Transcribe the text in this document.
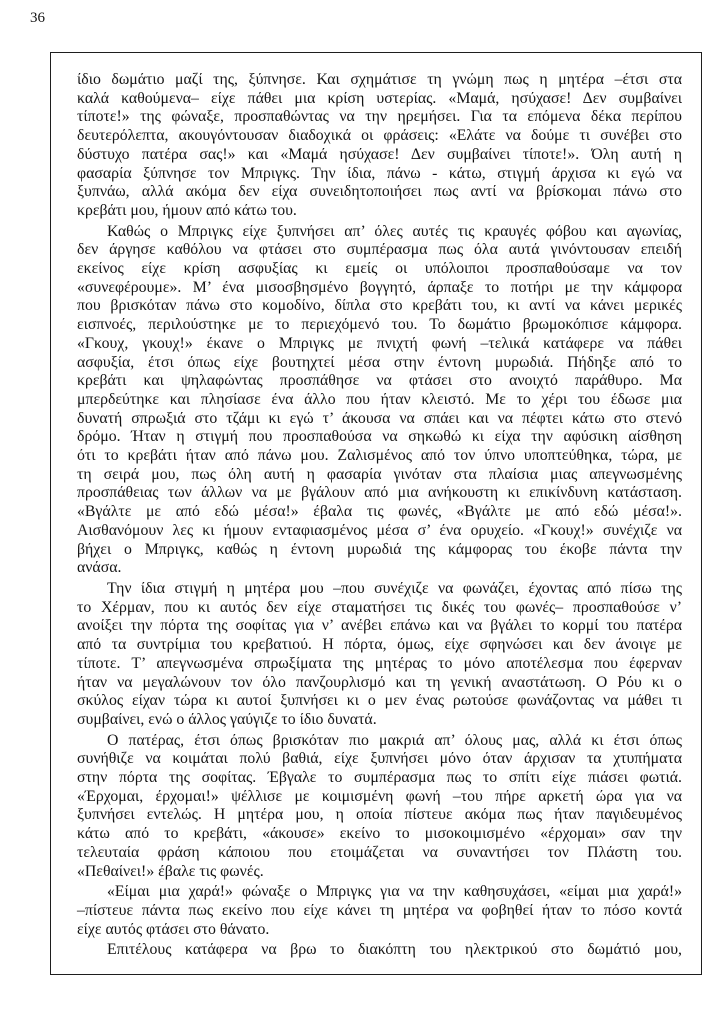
36
ίδιο δωμάτιο μαζί της, ξύπνησε. Και σχημάτισε τη γνώμη πως η μητέρα –έτσι στα
καλά καθούμενα– είχε πάθει μια κρίση υστερίας. «Μαμά, ησύχασε! Δεν συμβαίνει
τίποτε!» της φώναξε, προσπαθώντας να την ηρεμήσει. Για τα επόμενα δέκα περίπου
δευτερόλεπτα, ακουγόντουσαν διαδοχικά οι φράσεις: «Ελάτε να δούμε τι συνέβει στο
δύστυχο πατέρα σας!» και «Μαμά ησύχασε! Δεν συμβαίνει τίποτε!». Όλη αυτή η
φασαρία ξύπνησε τον Μπριγκς. Την ίδια, πάνω - κάτω, στιγμή άρχισα κι εγώ να
ξυπνάω, αλλά ακόμα δεν είχα συνειδητοποιήσει πως αντί να βρίσκομαι πάνω στο
κρεβάτι μου, ήμουν από κάτω του.
Καθώς ο Μπριγκς είχε ξυπνήσει απ’ όλες αυτές τις κραυγές φόβου και αγωνίας,
δεν άργησε καθόλου να φτάσει στο συμπέρασμα πως όλα αυτά γινόντουσαν επειδή
εκείνος είχε κρίση ασφυξίας κι εμείς οι υπόλοιποι προσπαθούσαμε να τον
«συνεφέρουμε». Μ’ ένα μισοσβησμένο βογγητό, άρπαξε το ποτήρι με την κάμφορα
που βρισκόταν πάνω στο κομοδίνο, δίπλα στο κρεβάτι του, κι αντί να κάνει μερικές
εισπνοές, περιλούστηκε με το περιεχόμενό του. Το δωμάτιο βρωμοκόπισε κάμφορα.
«Γκουχ, γκουχ!» έκανε ο Μπριγκς με πνιχτή φωνή –τελικά κατάφερε να πάθει
ασφυξία, έτσι όπως είχε βουτηχτεί μέσα στην έντονη μυρωδιά. Πήδηξε από το
κρεβάτι και ψηλαφώντας προσπάθησε να φτάσει στο ανοιχτό παράθυρο. Μα
μπερδεύτηκε και πλησίασε ένα άλλο που ήταν κλειστό. Με το χέρι του έδωσε μια
δυνατή σπρωξιά στο τζάμι κι εγώ τ’ άκουσα να σπάει και να πέφτει κάτω στο στενό
δρόμο. Ήταν η στιγμή που προσπαθούσα να σηκωθώ κι είχα την αφύσικη αίσθηση
ότι το κρεβάτι ήταν από πάνω μου. Ζαλισμένος από τον ύπνο υποπτεύθηκα, τώρα, με
τη σειρά μου, πως όλη αυτή η φασαρία γινόταν στα πλαίσια μιας απεγνωσμένης
προσπάθειας των άλλων να με βγάλουν από μια ανήκουστη κι επικίνδυνη κατάσταση.
«Βγάλτε με από εδώ μέσα!» έβαλα τις φωνές, «Βγάλτε με από εδώ μέσα!».
Αισθανόμουν λες κι ήμουν ενταφιασμένος μέσα σ’ ένα ορυχείο. «Γκουχ!» συνέχιζε να
βήχει ο Μπριγκς, καθώς η έντονη μυρωδιά της κάμφορας του έκοβε πάντα την
ανάσα.
Την ίδια στιγμή η μητέρα μου –που συνέχιζε να φωνάζει, έχοντας από πίσω της
το Χέρμαν, που κι αυτός δεν είχε σταματήσει τις δικές του φωνές– προσπαθούσε ν’
ανοίξει την πόρτα της σοφίτας για ν’ ανέβει επάνω και να βγάλει το κορμί του πατέρα
από τα συντρίμια του κρεβατιού. Η πόρτα, όμως, είχε σφηνώσει και δεν άνοιγε με
τίποτε. Τ’ απεγνωσμένα σπρωξίματα της μητέρας το μόνο αποτέλεσμα που έφερναν
ήταν να μεγαλώνουν τον όλο πανζουρλισμό και τη γενική αναστάτωση. Ο Ρόυ κι ο
σκύλος είχαν τώρα κι αυτοί ξυπνήσει κι ο μεν ένας ρωτούσε φωνάζοντας να μάθει τι
συμβαίνει, ενώ ο άλλος γαύγιζε το ίδιο δυνατά.
Ο πατέρας, έτσι όπως βρισκόταν πιο μακριά απ’ όλους μας, αλλά κι έτσι όπως
συνήθιζε να κοιμάται πολύ βαθιά, είχε ξυπνήσει μόνο όταν άρχισαν τα χτυπήματα
στην πόρτα της σοφίτας. Έβγαλε το συμπέρασμα πως το σπίτι είχε πιάσει φωτιά.
«Έρχομαι, έρχομαι!» ψέλλισε με κοιμισμένη φωνή –του πήρε αρκετή ώρα για να
ξυπνήσει εντελώς. Η μητέρα μου, η οποία πίστευε ακόμα πως ήταν παγιδευμένος
κάτω από το κρεβάτι, «άκουσε» εκείνο το μισοκοιμισμένο «έρχομαι» σαν την
τελευταία φράση κάποιου που ετοιμάζεται να συναντήσει τον Πλάστη του.
«Πεθαίνει!» έβαλε τις φωνές.
«Είμαι μια χαρά!» φώναξε ο Μπριγκς για να την καθησυχάσει, «είμαι μια χαρά!»
–πίστευε πάντα πως εκείνο που είχε κάνει τη μητέρα να φοβηθεί ήταν το πόσο κοντά
είχε αυτός φτάσει στο θάνατο.
Επιτέλους κατάφερα να βρω το διακόπτη του ηλεκτρικού στο δωμάτιό μου,
